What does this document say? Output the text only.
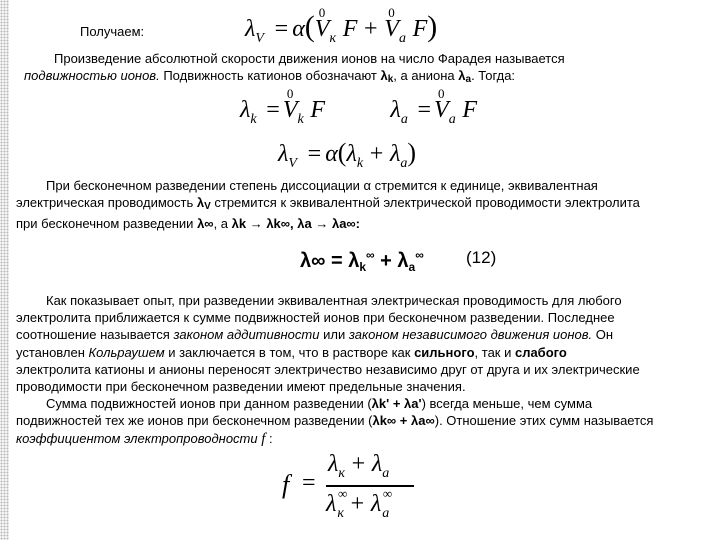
Получаем:	$\lambda_V = \alpha(V$
0
$_к$ F + V
0
$_a$ F)
Произведение абсолютной скорости движения ионов на число Фарадея называется
подвижностью ионов. Подвижность катионов обозначают λk, а аниона λa. Тогда:
$\lambda_k = V$
0
$_k$ F	$\lambda_a = V$
0
$_a$ F
$\lambda_V = \alpha(\lambda_k + \lambda_a)$
При бесконечном разведении степень диссоциации α стремится к единице, эквивалентная
электрическая проводимость λV стремится к эквивалентной электрической проводимости электролита
при бесконечном разведении λ∞, а λk → λk∞, λа → λа∞:
$\lambda\infty = \lambda_k^\infty + \lambda_a^\infty$ (12)
Как показывает опыт, при разведении эквивалентная электрическая проводимость для любого
электролита приближается к сумме подвижностей ионов при бесконечном разведении. Последнее
соотношение называется законом аддитивности или законом независимого движения ионов. Он
установлен Кольраушем и заключается в том, что в растворе как сильного, так и слабого
электролита катионы и анионы переносят электричество независимо друг от друга и их электрические
проводимости при бесконечном разведении имеют предельные значения.
Сумма подвижностей ионов при данном разведении (λk' + λa') всегда меньше, чем сумма
подвижностей тех же ионов при бесконечном разведении (λk∞ + λa∞). Отношение этих сумм называется
коэффициентом электропроводности f :
f =
$\lambda_к + \lambda_a$
λ ∞
$_к$ + λ ∞
$_a$
